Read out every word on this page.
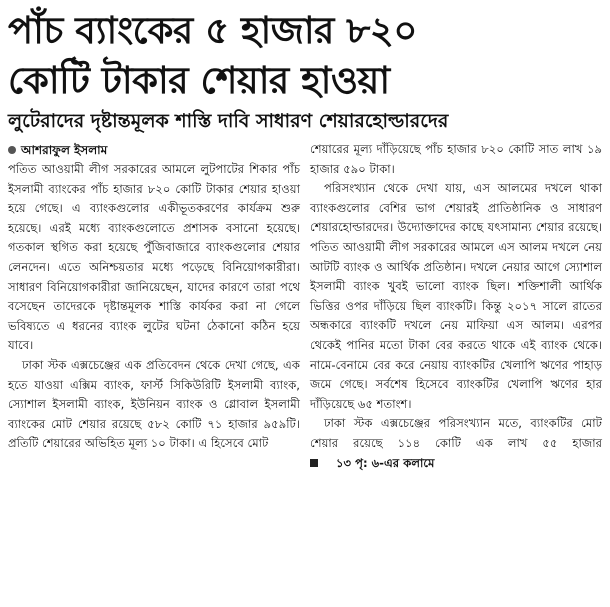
পাঁচ ব্যাংকের ৫ হাজার ৮২০
কোটি টাকার শেয়ার হাওয়া
লুটেরাদের দৃষ্টান্তমূলক শাস্তি দাবি সাধারণ শেয়ারহোল্ডারদের
আশরাফুল ইসলাম

পতিত আওয়ামী লীগ সরকারের আমলে লুটপাটের শিকার পাঁচ ইসলামী ব্যাংকের পাঁচ হাজার ৮২০ কোটি টাকার শেয়ার হাওয়া হয়ে গেছে। এ ব্যাংকগুলোর একীভূতকরণের কার্যক্রম শুরু হয়েছে। এরই মধ্যে ব্যাংকগুলোতে প্রশাসক বসানো হয়েছে। গতকাল স্থগিত করা হয়েছে পুঁজিবাজারে ব্যাংকগুলোর শেয়ার লেনদেন। এতে অনিশ্চয়তার মধ্যে পড়েছে বিনিয়োগকারীরা। সাধারণ বিনিয়োগকারীরা জানিয়েছেন, যাদের কারণে তারা পথে বসেছেন তাদেরকে দৃষ্টান্তমূলক শাস্তি কার্যকর করা না গেলে ভবিষ্যতে এ ধরনের ব্যাংক লুটের ঘটনা ঠেকানো কঠিন হয়ে যাবে।

ঢাকা স্টক এক্সচেঞ্জের এক প্রতিবেদন থেকে দেখা গেছে, এক হতে যাওয়া এক্সিম ব্যাংক, ফার্স্ট সিকিউরিটি ইসলামী ব্যাংক, স্যোশাল ইসলামী ব্যাংক, ইউনিয়ন ব্যাংক ও গ্লোবাল ইসলামী ব্যাংকের মোট শেয়ার রয়েছে ৫৮২ কোটি ৭১ হাজার ৯৫৯টি। প্রতিটি শেয়ারের অভিহিত মূল্য ১০ টাকা। এ হিসেবে মোট

শেয়ারের মূল্য দাঁড়িয়েছে পাঁচ হাজার ৮২০ কোটি সাত লাখ ১৯ হাজার ৫৯০ টাকা।

পরিসংখ্যান থেকে দেখা যায়, এস আলমের দখলে থাকা ব্যাংকগুলোর বেশির ভাগ শেয়ারই প্রাতিষ্ঠানিক ও সাধারণ শেয়ারহোল্ডারদের। উদ্যোক্তাদের কাছে যৎসামান্য শেয়ার রয়েছে। পতিত আওয়ামী লীগ সরকারের আমলে এস আলম দখলে নেয় আটটি ব্যাংক ও আর্থিক প্রতিষ্ঠান। দখলে নেয়ার আগে স্যোশাল ইসলামী ব্যাংক খুবই ভালো ব্যাংক ছিল। শক্তিশালী আর্থিক ভিত্তির ওপর দাঁড়িয়ে ছিল ব্যাংকটি। কিন্তু ২০১৭ সালে রাতের অন্ধকারে ব্যাংকটি দখলে নেয় মাফিয়া এস আলম। এরপর থেকেই পানির মতো টাকা বের করতে থাকে এই ব্যাংক থেকে। নামে-বেনামে বের করে নেয়ায় ব্যাংকটির খেলাপি ঋণের পাহাড় জমে গেছে। সর্বশেষ হিসেবে ব্যাংকটির খেলাপি ঋণের হার দাঁড়িয়েছে ৬৫ শতাংশ।

ঢাকা স্টক এক্সচেঞ্জের পরিসংখ্যান মতে, ব্যাংকটির মোট শেয়ার রয়েছে ১১৪ কোটি এক লাখ ৫৫ হাজার
১৩ পৃ: ৬-এর কলামে
